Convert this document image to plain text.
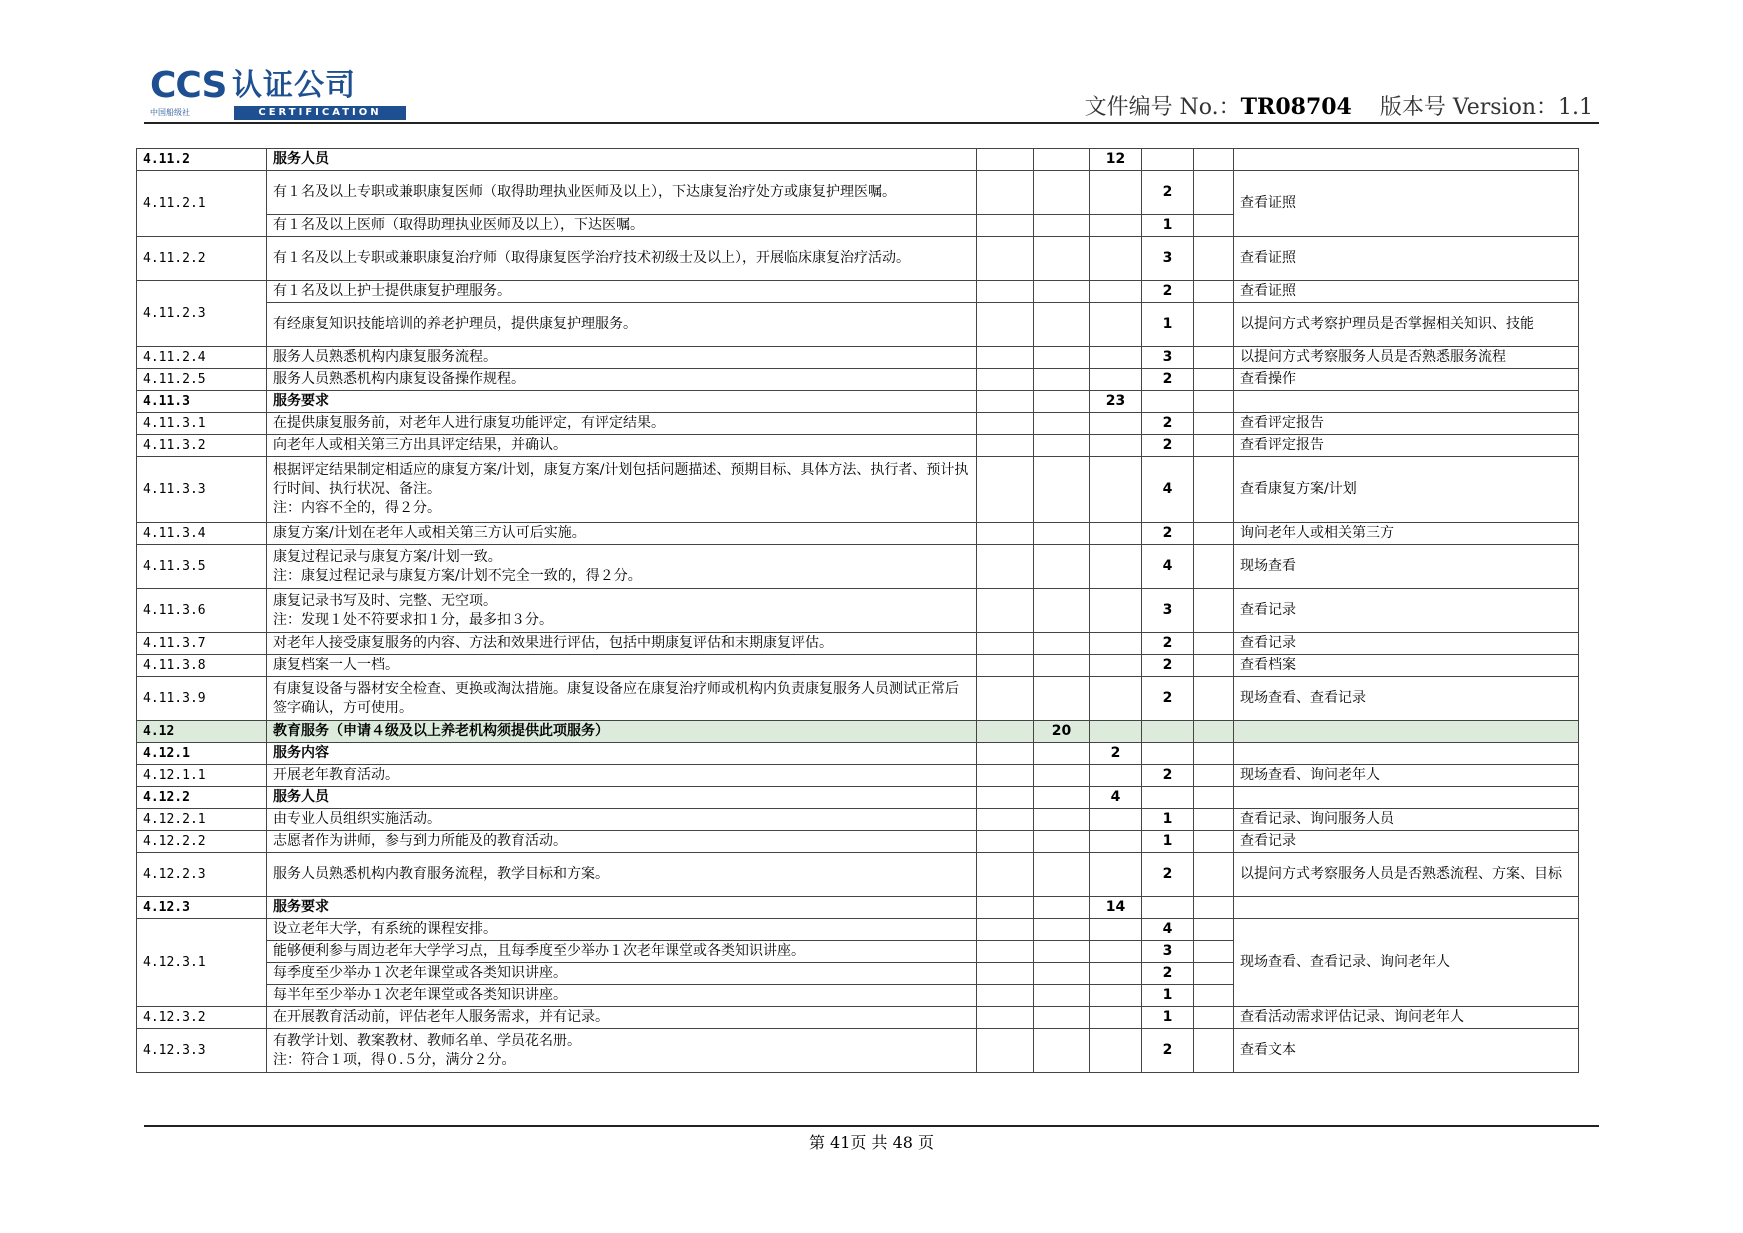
CCS 认证公司
中国船级社	CERTIFICATION	文件编号 No.：TR08704 版本号 Version：1.1
4.11.2	服务人员			12			
4.11.2.1	有１名及以上专职或兼职康复医师（取得助理执业医师及以上），下达康复治疗处方或康复护理医嘱。				2		查看证照
	有１名及以上医师（取得助理执业医师及以上），下达医嘱。				1		
4.11.2.2	有１名及以上专职或兼职康复治疗师（取得康复医学治疗技术初级士及以上），开展临床康复治疗活动。				3		查看证照
4.11.2.3	有１名及以上护士提供康复护理服务。				2		查看证照
	有经康复知识技能培训的养老护理员，提供康复护理服务。				1		以提问方式考察护理员是否掌握相关知识、技能
4.11.2.4	服务人员熟悉机构内康复服务流程。				3		以提问方式考察服务人员是否熟悉服务流程
4.11.2.5	服务人员熟悉机构内康复设备操作规程。				2		查看操作
4.11.3	服务要求			23			
4.11.3.1	在提供康复服务前，对老年人进行康复功能评定，有评定结果。				2		查看评定报告
4.11.3.2	向老年人或相关第三方出具评定结果，并确认。				2		查看评定报告
4.11.3.3	根据评定结果制定相适应的康复方案/计划，康复方案/计划包括问题描述、预期目标、具体方法、执行者、预计执行时间、执行状况、备注。
注：内容不全的，得２分。				4		查看康复方案/计划
4.11.3.4	康复方案/计划在老年人或相关第三方认可后实施。				2		询问老年人或相关第三方
4.11.3.5	康复过程记录与康复方案/计划一致。
注：康复过程记录与康复方案/计划不完全一致的，得２分。				4		现场查看
4.11.3.6	康复记录书写及时、完整、无空项。
注：发现１处不符要求扣１分，最多扣３分。				3		查看记录
4.11.3.7	对老年人接受康复服务的内容、方法和效果进行评估，包括中期康复评估和末期康复评估。				2		查看记录
4.11.3.8	康复档案一人一档。				2		查看档案
4.11.3.9	有康复设备与器材安全检查、更换或淘汰措施。康复设备应在康复治疗师或机构内负责康复服务人员测试正常后签字确认，方可使用。				2		现场查看、查看记录
4.12	教育服务（申请４级及以上养老机构须提供此项服务）		20				
4.12.1	服务内容			2			
4.12.1.1	开展老年教育活动。				2		现场查看、询问老年人
4.12.2	服务人员			4			
4.12.2.1	由专业人员组织实施活动。				1		查看记录、询问服务人员
4.12.2.2	志愿者作为讲师，参与到力所能及的教育活动。				1		查看记录
4.12.2.3	服务人员熟悉机构内教育服务流程，教学目标和方案。				2		以提问方式考察服务人员是否熟悉流程、方案、目标
4.12.3	服务要求			14			
4.12.3.1	设立老年大学，有系统的课程安排。				4		现场查看、查看记录、询问老年人
	能够便利参与周边老年大学学习点，且每季度至少举办１次老年课堂或各类知识讲座。				3		
	每季度至少举办１次老年课堂或各类知识讲座。				2		
	每半年至少举办１次老年课堂或各类知识讲座。				1		
4.12.3.2	在开展教育活动前，评估老年人服务需求，并有记录。				1		查看活动需求评估记录、询问老年人
4.12.3.3	有教学计划、教案教材、教师名单、学员花名册。
注：符合１项，得０.５分，满分２分。				2		查看文本
第 41页 共 48 页
